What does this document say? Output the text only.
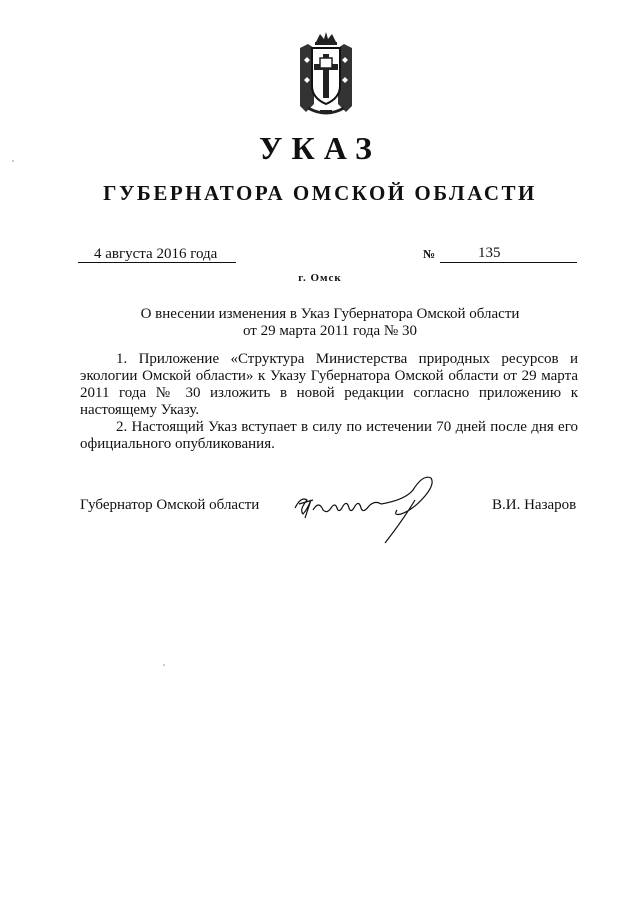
УКАЗ
ГУБЕРНАТОРА ОМСКОЙ ОБЛАСТИ
4 августа 2016 года	№	135
г. Омск
О внесении изменения в Указ Губернатора Омской области
от 29 марта 2011 года № 30

1. Приложение «Структура Министерства природных ресурсов и экологии Омской области» к Указу Губернатора Омской области от 29 марта 2011 года № 30 изложить в новой редакции согласно приложению к настоящему Указу.

2. Настоящий Указ вступает в силу по истечении 70 дней после дня его официального опубликования.

Губернатор Омской области	В.И. Назаров
